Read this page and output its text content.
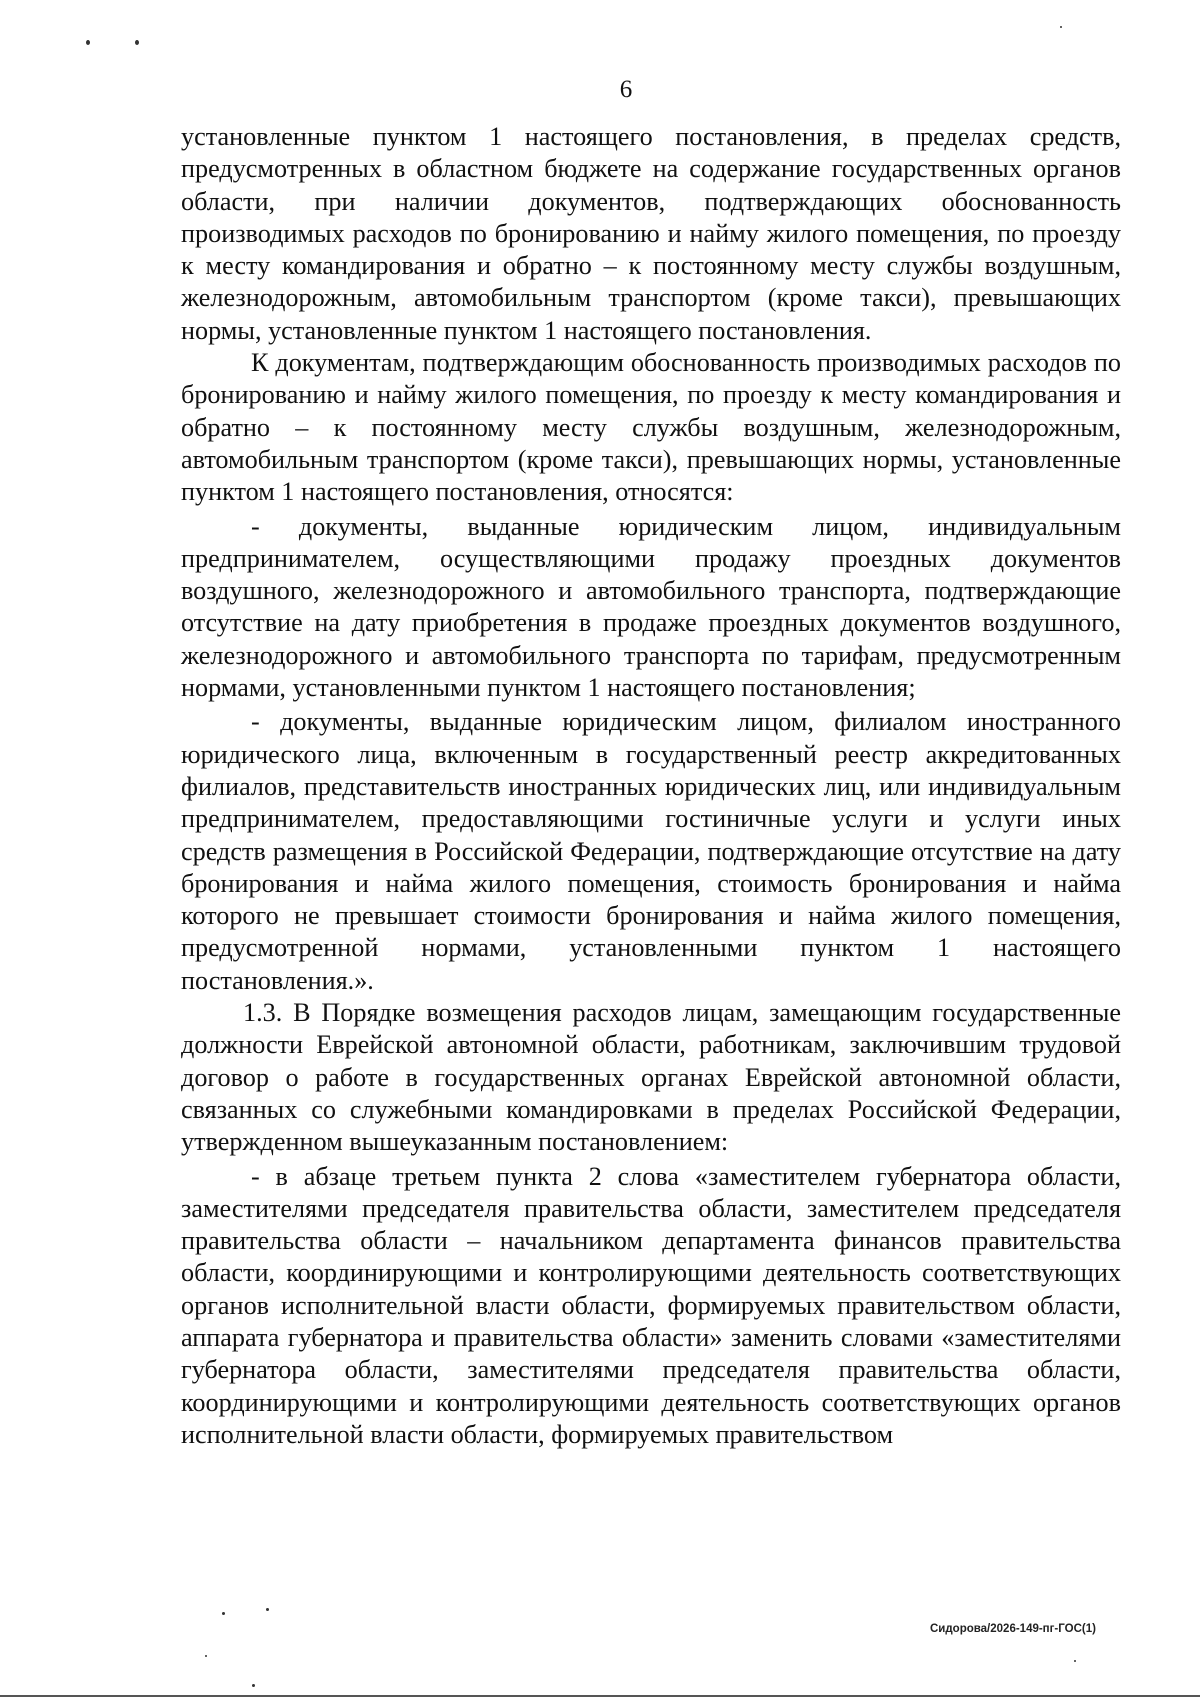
6

установленные пунктом 1 настоящего постановления, в пределах средств, предусмотренных в областном бюджете на содержание государственных органов области, при наличии документов, подтверждающих обоснованность производимых расходов по бронированию и найму жилого помещения, по проезду к месту командирования и обратно – к постоянному месту службы воздушным, железнодорожным, автомобильным транспортом (кроме такси), превышающих нормы, установленные пунктом 1 настоящего постановления.

К документам, подтверждающим обоснованность производимых расходов по бронированию и найму жилого помещения, по проезду к месту командирования и обратно – к постоянному месту службы воздушным, железнодорожным, автомобильным транспортом (кроме такси), превышающих нормы, установленные пунктом 1 настоящего постановления, относятся:

- документы, выданные юридическим лицом, индивидуальным предпринимателем, осуществляющими продажу проездных документов воздушного, железнодорожного и автомобильного транспорта, подтверждающие отсутствие на дату приобретения в продаже проездных документов воздушного, железнодорожного и автомобильного транспорта по тарифам, предусмотренным нормами, установленными пунктом 1 настоящего постановления;

- документы, выданные юридическим лицом, филиалом иностранного юридического лица, включенным в государственный реестр аккредитованных филиалов, представительств иностранных юридических лиц, или индивидуальным предпринимателем, предоставляющими гостиничные услуги и услуги иных средств размещения в Российской Федерации, подтверждающие отсутствие на дату бронирования и найма жилого помещения, стоимость бронирования и найма которого не превышает стоимости бронирования и найма жилого помещения, предусмотренной нормами, установленными пунктом 1 настоящего постановления.».

1.3. В Порядке возмещения расходов лицам, замещающим государственные должности Еврейской автономной области, работникам, заключившим трудовой договор о работе в государственных органах Еврейской автономной области, связанных со служебными командировками в пределах Российской Федерации, утвержденном вышеуказанным постановлением:

- в абзаце третьем пункта 2 слова «заместителем губернатора области, заместителями председателя правительства области, заместителем председателя правительства области – начальником департамента финансов правительства области, координирующими и контролирующими деятельность соответствующих органов исполнительной власти области, формируемых правительством области, аппарата губернатора и правительства области» заменить словами «заместителями губернатора области, заместителями председателя правительства области, координирующими и контролирующими деятельность соответствующих органов исполнительной власти области, формируемых правительством

Сидорова/2026-149-пг-ГОС(1)
